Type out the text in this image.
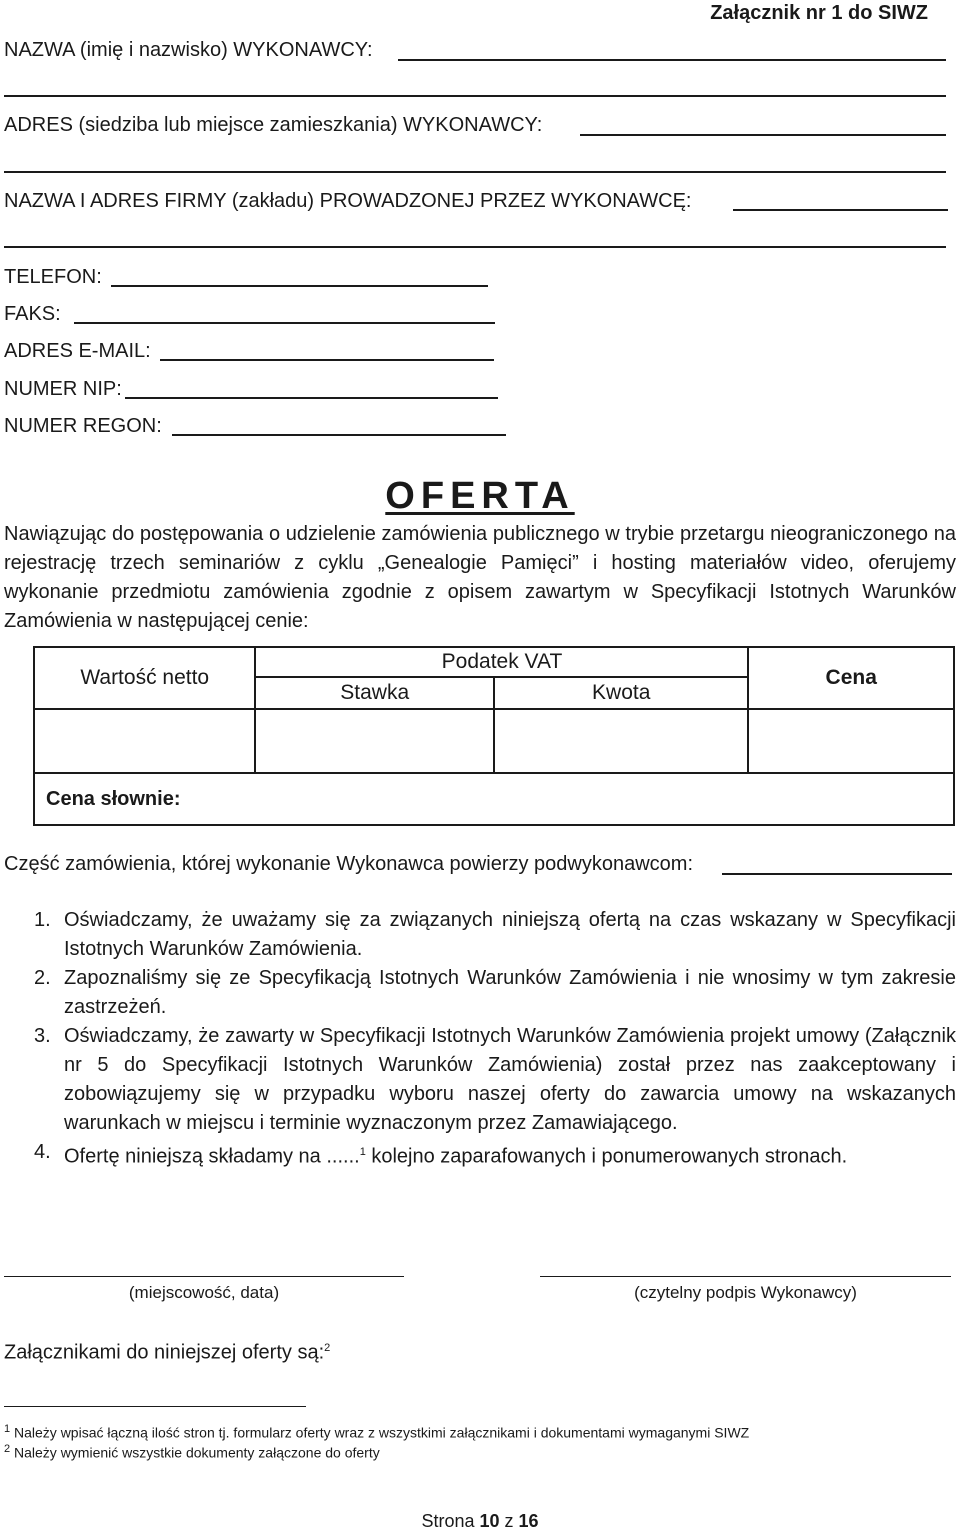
Załącznik nr 1 do SIWZ
NAZWA (imię i nazwisko) WYKONAWCY:
ADRES (siedziba lub miejsce zamieszkania) WYKONAWCY:
NAZWA I ADRES FIRMY (zakładu) PROWADZONEJ PRZEZ WYKONAWCĘ:
TELEFON:
FAKS:
ADRES E-MAIL:
NUMER NIP:
NUMER REGON:
OFERTA
Nawiązując do postępowania o udzielenie zamówienia publicznego w trybie przetargu nieograniczonego na rejestrację trzech seminariów z cyklu „Genealogie Pamięci” i hosting materiałów video, oferujemy wykonanie przedmiotu zamówienia zgodnie z opisem zawartym w Specyfikacji Istotnych Warunków Zamówienia w następującej cenie:
Wartość netto	Podatek VAT		Cena
	Stawka	Kwota	

Cena słownie:			
Część zamówienia, której wykonanie Wykonawca powierzy podwykonawcom:
1. Oświadczamy, że uważamy się za związanych niniejszą ofertą na czas wskazany w Specyfikacji Istotnych Warunków Zamówienia.
2. Zapoznaliśmy się ze Specyfikacją Istotnych Warunków Zamówienia i nie wnosimy w tym zakresie zastrzeżeń.
3. Oświadczamy, że zawarty w Specyfikacji Istotnych Warunków Zamówienia projekt umowy (Załącznik nr 5 do Specyfikacji Istotnych Warunków Zamówienia) został przez nas zaakceptowany i zobowiązujemy się w przypadku wyboru naszej oferty do zawarcia umowy na wskazanych warunkach w miejscu i terminie wyznaczonym przez Zamawiającego.
4. Ofertę niniejszą składamy na ......$^1$ kolejno zaparafowanych i ponumerowanych stronach.
(miejscowość, data)	(czytelny podpis Wykonawcy)
Załącznikami do niniejszej oferty są:$^2$
$^1$ Należy wpisać łączną ilość stron tj. formularz oferty wraz z wszystkimi załącznikami i dokumentami wymaganymi SIWZ
$^2$ Należy wymienić wszystkie dokumenty załączone do oferty
Strona 10 z 16
